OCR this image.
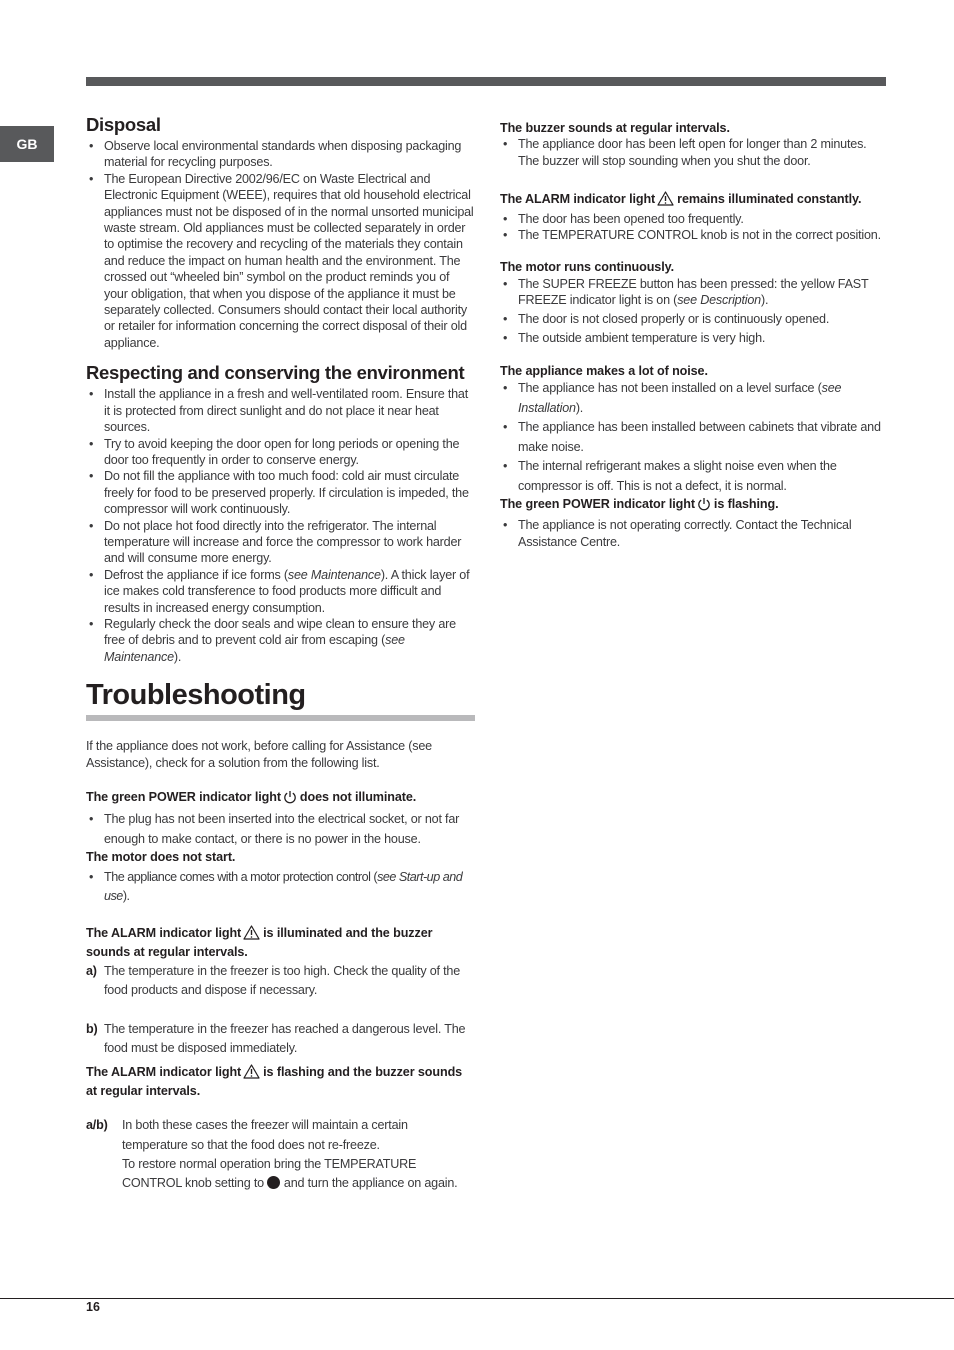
GB
Disposal
• Observe local environmental standards when disposing packaging material for recycling purposes.
• The European Directive 2002/96/EC on Waste Electrical and Electronic Equipment (WEEE), requires that old household electrical appliances must not be disposed of in the normal unsorted municipal waste stream. Old appliances must be collected separately in order to optimise the recovery and recycling of the materials they contain and reduce the impact on human health and the environment. The crossed out “wheeled bin” symbol on the product reminds you of your obligation, that when you dispose of the appliance it must be separately collected. Consumers should contact their local authority or retailer for information concerning the correct disposal of their old appliance.
Respecting and conserving the environment
• Install the appliance in a fresh and well-ventilated room. Ensure that it is protected from direct sunlight and do not place it near heat sources.
• Try to avoid keeping the door open for long periods or opening the door too frequently in order to conserve energy.
• Do not fill the appliance with too much food: cold air must circulate freely for food to be preserved properly. If circulation is impeded, the compressor will work continuously.
• Do not place hot food directly into the refrigerator. The internal temperature will increase and force the compressor to work harder and will consume more energy.
• Defrost the appliance if ice forms (see Maintenance). A thick layer of ice makes cold transference to food products more difficult and results in increased energy consumption.
• Regularly check the door seals and wipe clean to ensure they are free of debris and to prevent cold air from escaping (see Maintenance).
Troubleshooting
If the appliance does not work, before calling for Assistance (see Assistance), check for a solution from the following list.
The green POWER indicator light does not illuminate.
• The plug has not been inserted into the electrical socket, or not far enough to make contact, or there is no power in the house.
The motor does not start.
• The appliance comes with a motor protection control (see Start-up and use).
The ALARM indicator light is illuminated and the buzzer sounds at regular intervals.
a) The temperature in the freezer is too high. Check the quality of the food products and dispose if necessary.
b) The temperature in the freezer has reached a dangerous level. The food must be disposed immediately.
The ALARM indicator light is flashing and the buzzer sounds at regular intervals.
a/b) In both these cases the freezer will maintain a certain temperature so that the food does not re-freeze.
To restore normal operation bring the TEMPERATURE CONTROL knob setting to and turn the appliance on again.
The buzzer sounds at regular intervals.
• The appliance door has been left open for longer than 2 minutes. The buzzer will stop sounding when you shut the door.
The ALARM indicator light remains illuminated constantly.
• The door has been opened too frequently.
• The TEMPERATURE CONTROL knob is not in the correct position.
The motor runs continuously.
• The SUPER FREEZE button has been pressed: the yellow FAST FREEZE indicator light is on (see Description).
• The door is not closed properly or is continuously opened.
• The outside ambient temperature is very high.
The appliance makes a lot of noise.
• The appliance has not been installed on a level surface (see Installation).
• The appliance has been installed between cabinets that vibrate and make noise.
• The internal refrigerant makes a slight noise even when the compressor is off. This is not a defect, it is normal.
The green POWER indicator light is flashing.
• The appliance is not operating correctly. Contact the Technical Assistance Centre.
16
